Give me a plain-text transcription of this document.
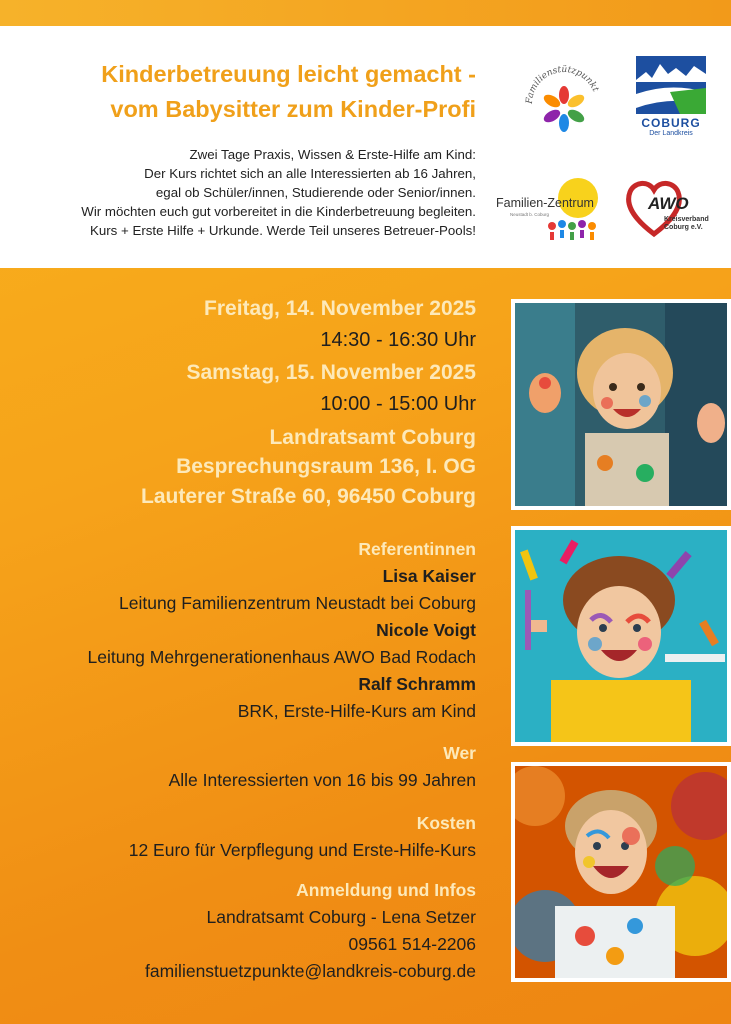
Kinderbetreuung leicht gemacht -
vom Babysitter zum Kinder-Profi
Zwei Tage Praxis, Wissen & Erste-Hilfe am Kind:
Der Kurs richtet sich an alle Interessierten ab 16 Jahren,
egal ob Schüler/innen, Studierende oder Senior/innen.
Wir möchten euch gut vorbereitet in die Kinderbetreuung begleiten.
Kurs + Erste Hilfe + Urkunde. Werde Teil unseres Betreuer-Pools!
Familienstützpunkt
COBURG
Der Landkreis
Familien-Zentrum
Neustadt b. Coburg
AWO
Kreisverband
Coburg e.V.
Freitag, 14. November 2025
14:30 - 16:30 Uhr
Samstag, 15. November 2025
10:00 - 15:00 Uhr
Landratsamt Coburg
Besprechungsraum 136, I. OG
Lauterer Straße 60, 96450 Coburg
Referentinnen
Lisa Kaiser
Leitung Familienzentrum Neustadt bei Coburg
Nicole Voigt
Leitung Mehrgenerationenhaus AWO Bad Rodach
Ralf Schramm
BRK, Erste-Hilfe-Kurs am Kind
Wer
Alle Interessierten von 16 bis 99 Jahren
Kosten
12 Euro für Verpflegung und Erste-Hilfe-Kurs
Anmeldung und Infos
Landratsamt Coburg - Lena Setzer
09561 514-2206
familienstuetzpunkte@landkreis-coburg.de
